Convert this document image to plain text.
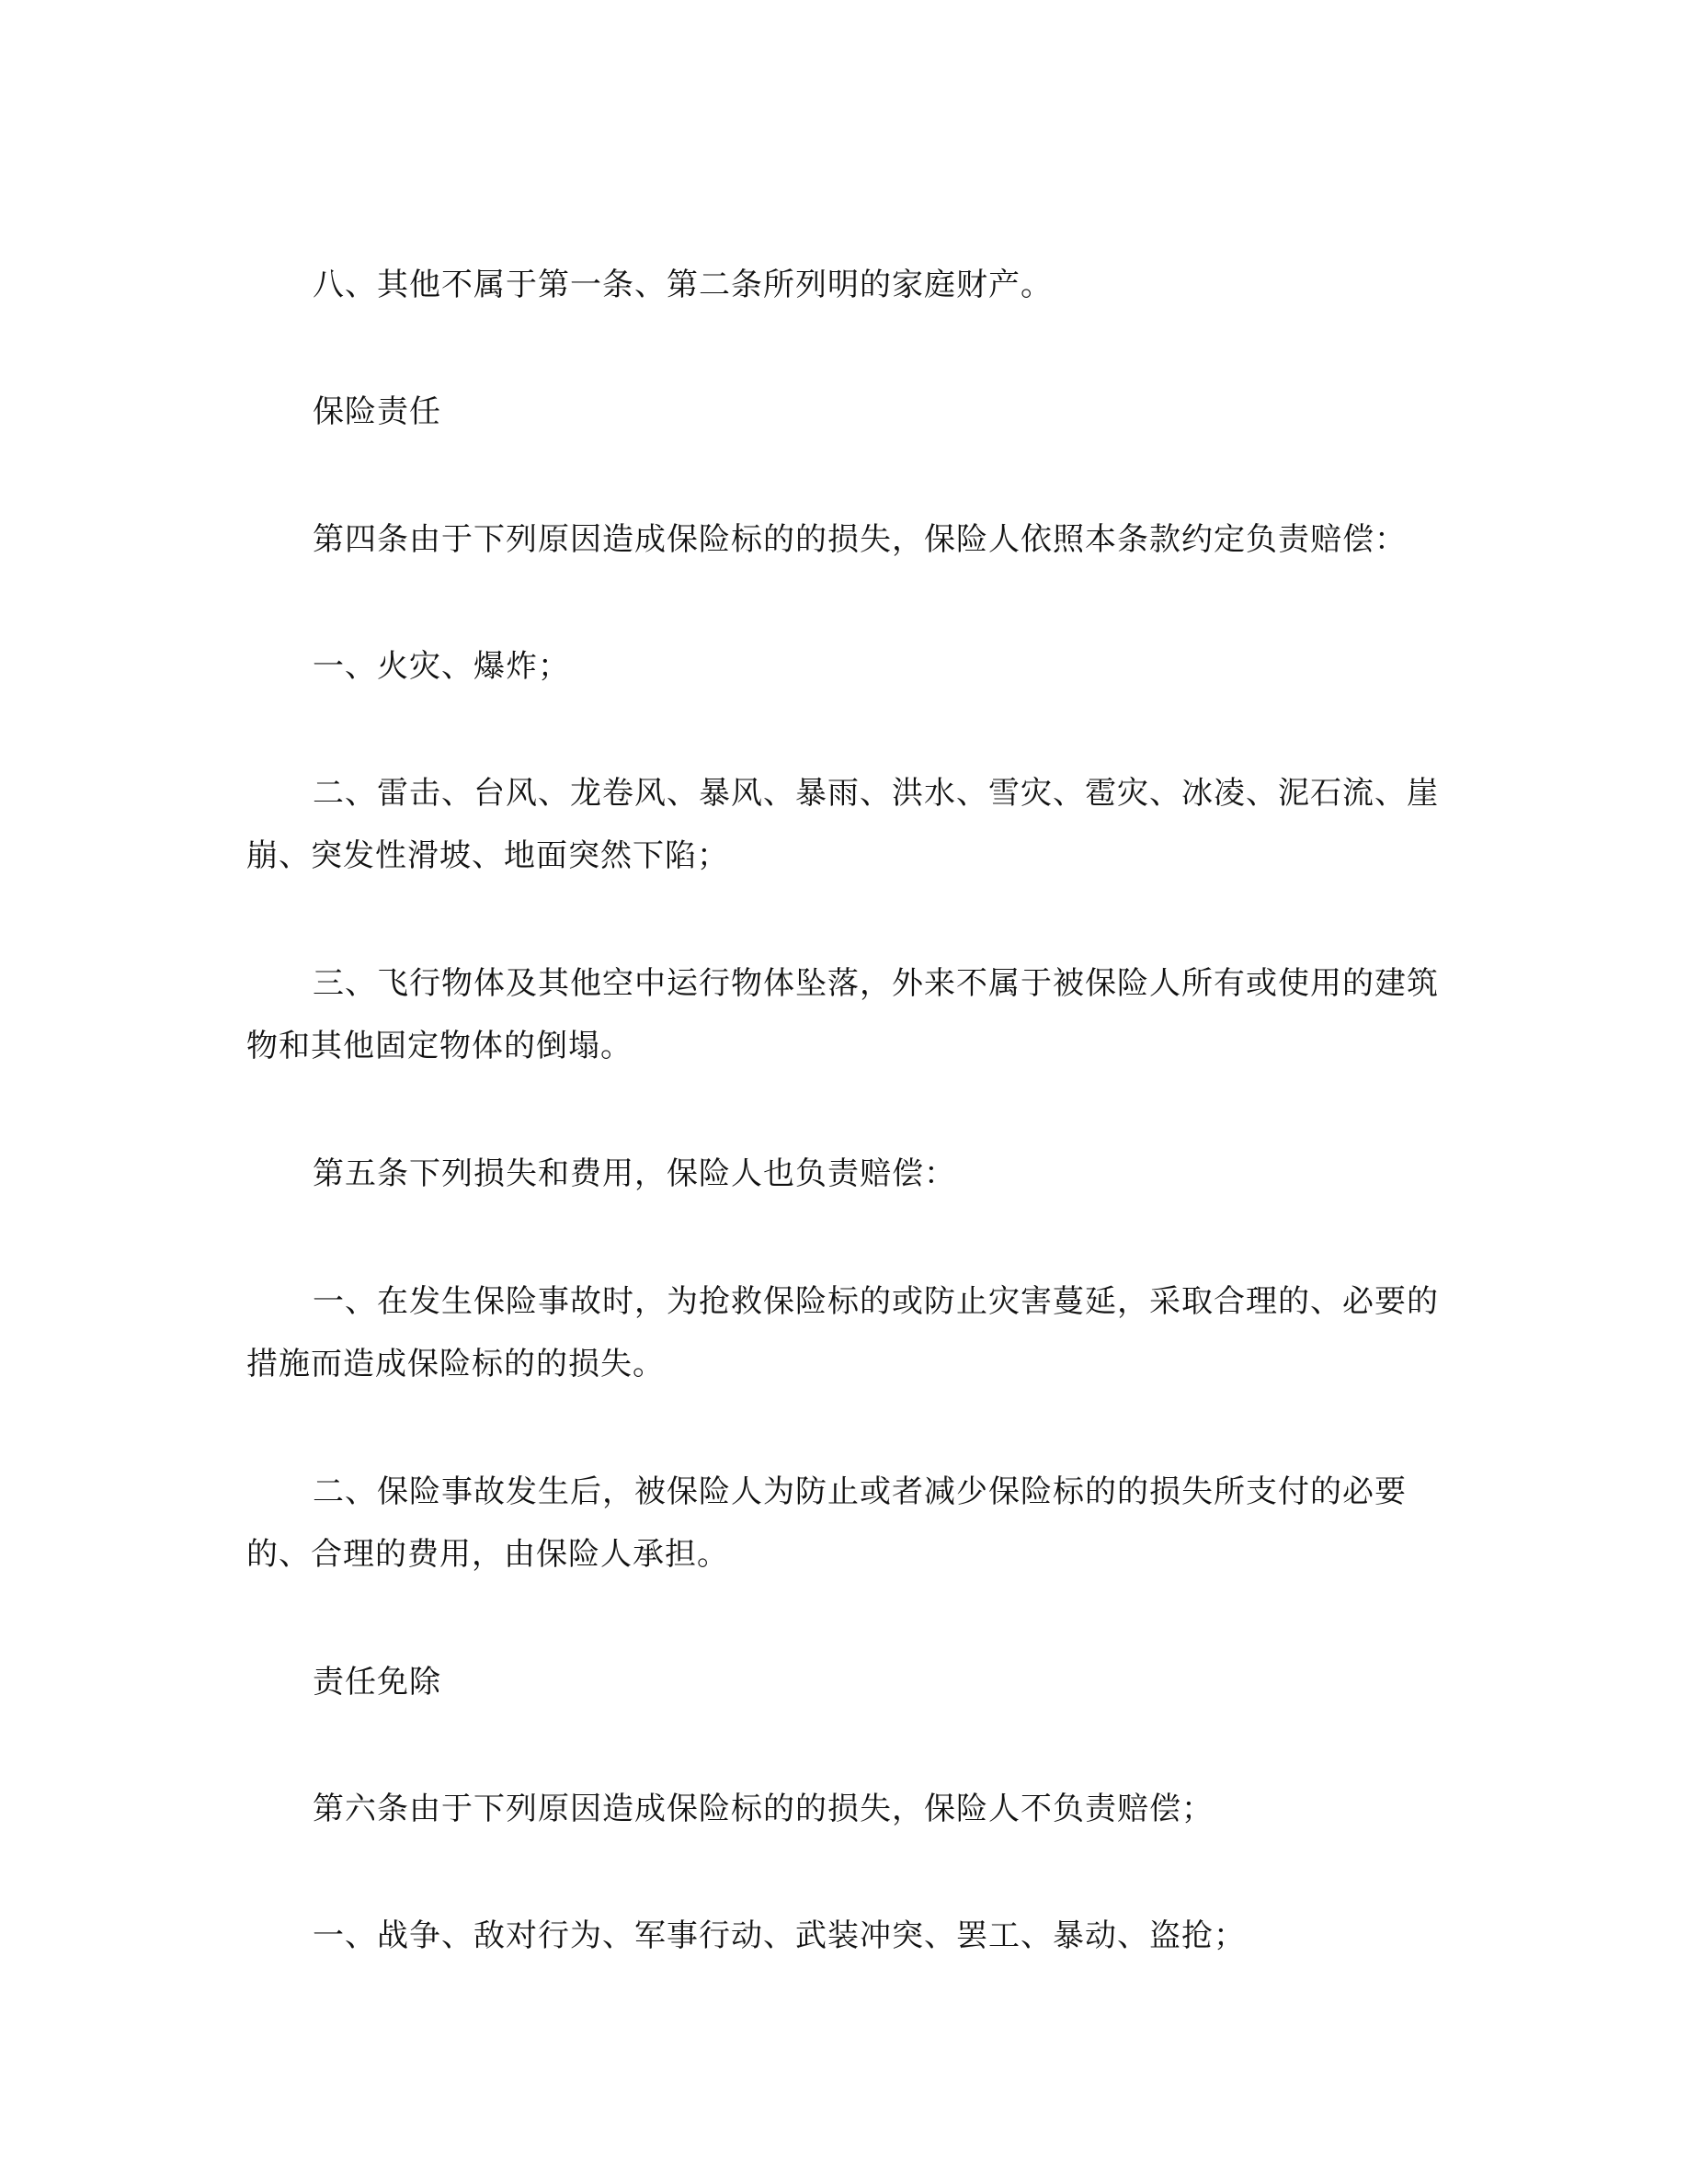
八、其他不属于第一条、第二条所列明的家庭财产。

保险责任

第四条由于下列原因造成保险标的的损失，保险人依照本条款约定负责赔偿：

一、火灾、爆炸；

二、雷击、台风、龙卷风、暴风、暴雨、洪水、雪灾、雹灾、冰凌、泥石流、崖崩、突发性滑坡、地面突然下陷；

三、飞行物体及其他空中运行物体坠落，外来不属于被保险人所有或使用的建筑物和其他固定物体的倒塌。

第五条下列损失和费用，保险人也负责赔偿：

一、在发生保险事故时，为抢救保险标的或防止灾害蔓延，采取合理的、必要的措施而造成保险标的的损失。

二、保险事故发生后，被保险人为防止或者减少保险标的的损失所支付的必要的、合理的费用，由保险人承担。

责任免除

第六条由于下列原因造成保险标的的损失，保险人不负责赔偿；

一、战争、敌对行为、军事行动、武装冲突、罢工、暴动、盗抢；
